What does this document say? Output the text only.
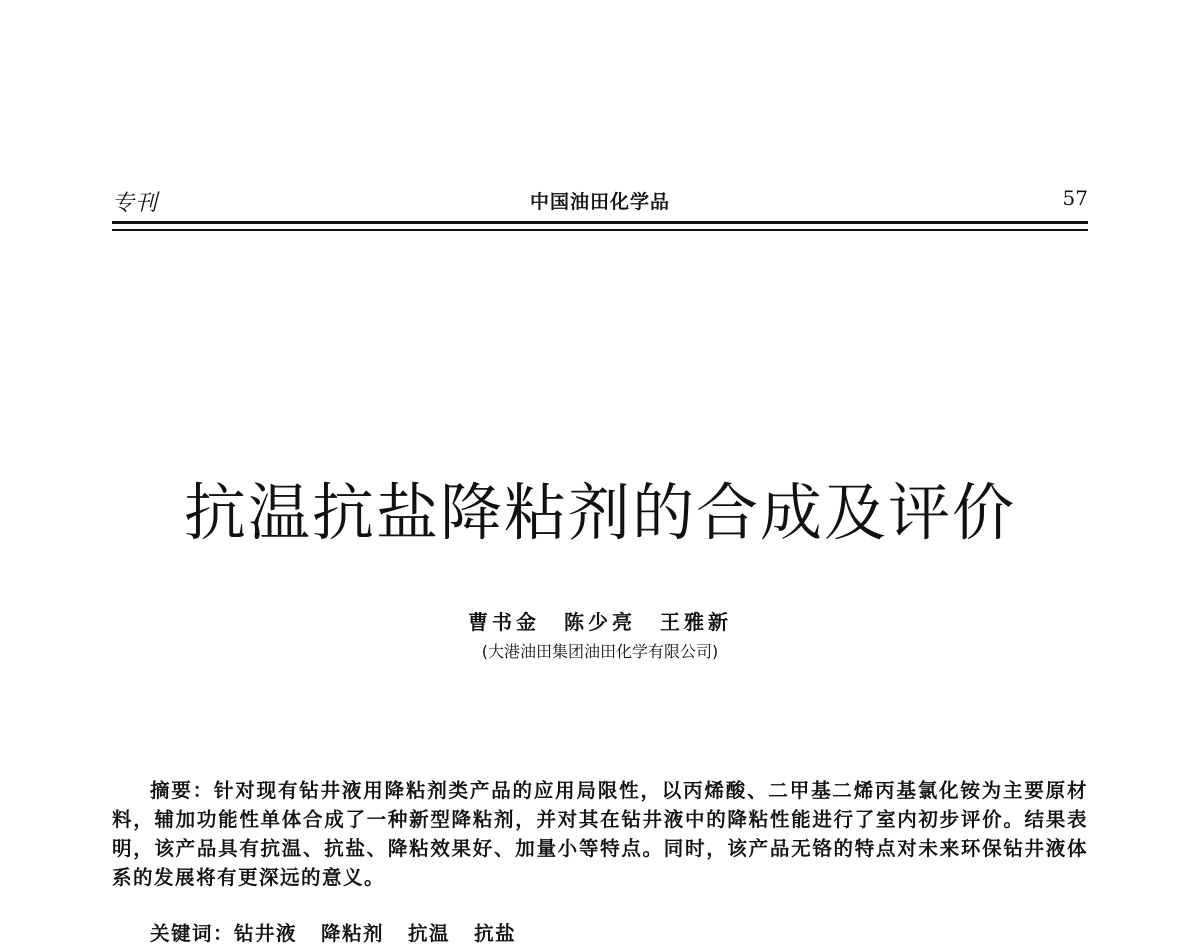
专刊	中国油田化学品	57
抗温抗盐降粘剂的合成及评价
曹书金　陈少亮　王雅新
(大港油田集团油田化学有限公司)
摘要：针对现有钻井液用降粘剂类产品的应用局限性，以丙烯酸、二甲基二烯丙基氯化铵为主要原材料，辅加功能性单体合成了一种新型降粘剂，并对其在钻井液中的降粘性能进行了室内初步评价。结果表明，该产品具有抗温、抗盐、降粘效果好、加量小等特点。同时，该产品无铬的特点对未来环保钻井液体系的发展将有更深远的意义。
关键词：钻井液 降粘剂 抗温 抗盐
